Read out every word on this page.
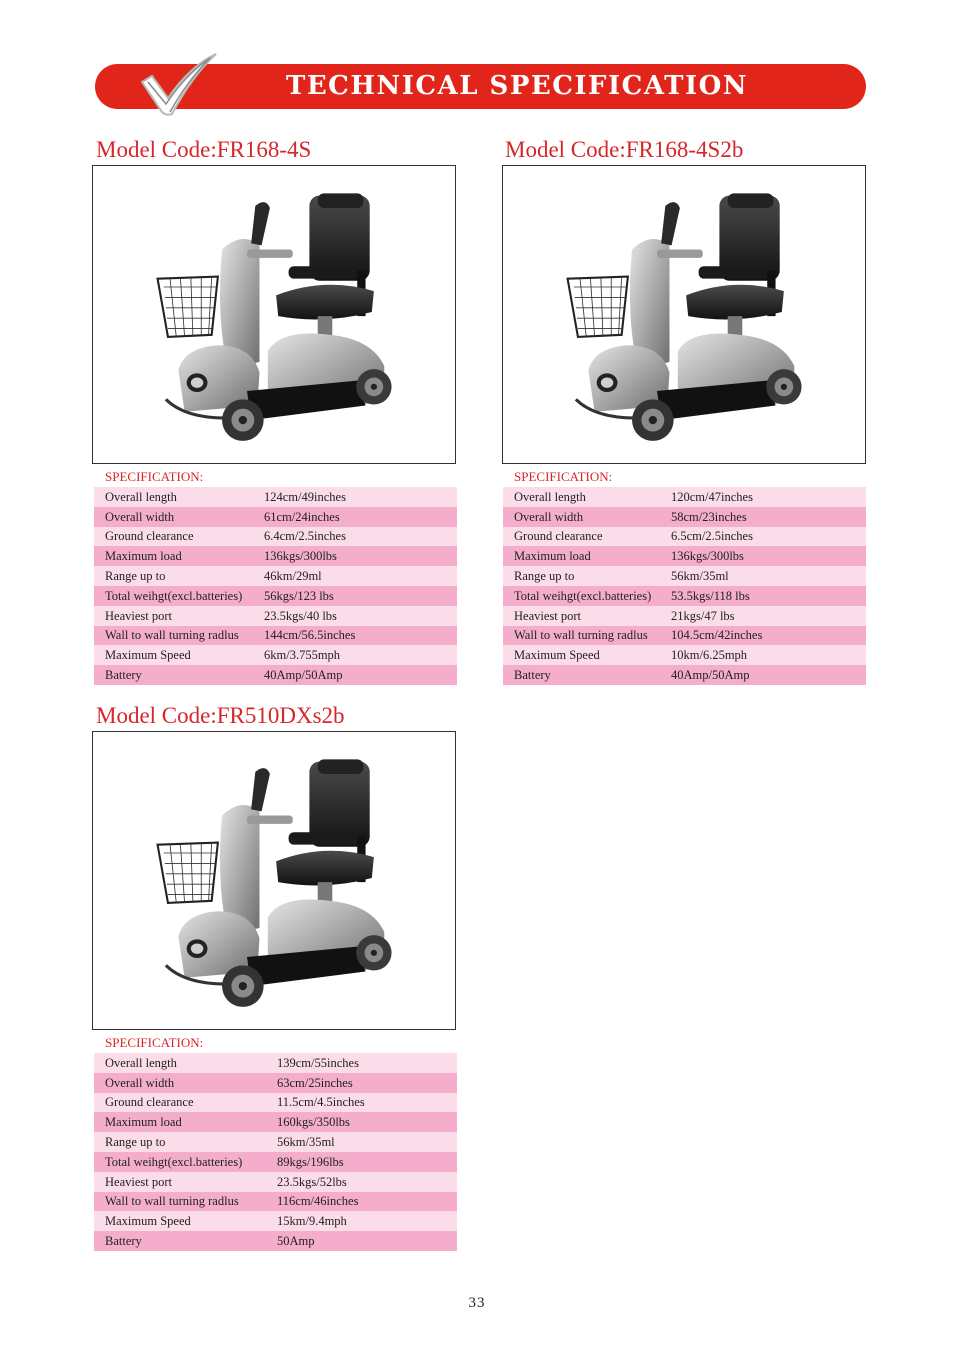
TECHNICAL SPECIFICATION
Model Code:FR168-4S
SPECIFICATION:
Overall length	124cm/49inches
Overall width	61cm/24inches
Ground clearance	6.4cm/2.5inches
Maximum load	136kgs/300lbs
Range up to	46km/29ml
Total weihgt(excl.batteries)	56kgs/123 lbs
Heaviest port	23.5kgs/40 lbs
Wall to wall turning radlus	144cm/56.5inches
Maximum Speed	6km/3.755mph
Battery	40Amp/50Amp
Model Code:FR168-4S2b
SPECIFICATION:
Overall length	120cm/47inches
Overall width	58cm/23inches
Ground clearance	6.5cm/2.5inches
Maximum load	136kgs/300lbs
Range up to	56km/35ml
Total weihgt(excl.batteries)	53.5kgs/118 lbs
Heaviest port	21kgs/47 lbs
Wall to wall turning radlus	104.5cm/42inches
Maximum Speed	10km/6.25mph
Battery	40Amp/50Amp
Model Code:FR510DXs2b
SPECIFICATION:
Overall length	139cm/55inches
Overall width	63cm/25inches
Ground clearance	11.5cm/4.5inches
Maximum load	160kgs/350lbs
Range up to	56km/35ml
Total weihgt(excl.batteries)	89kgs/196lbs
Heaviest port	23.5kgs/52lbs
Wall to wall turning radlus	116cm/46inches
Maximum Speed	15km/9.4mph
Battery	50Amp
33
